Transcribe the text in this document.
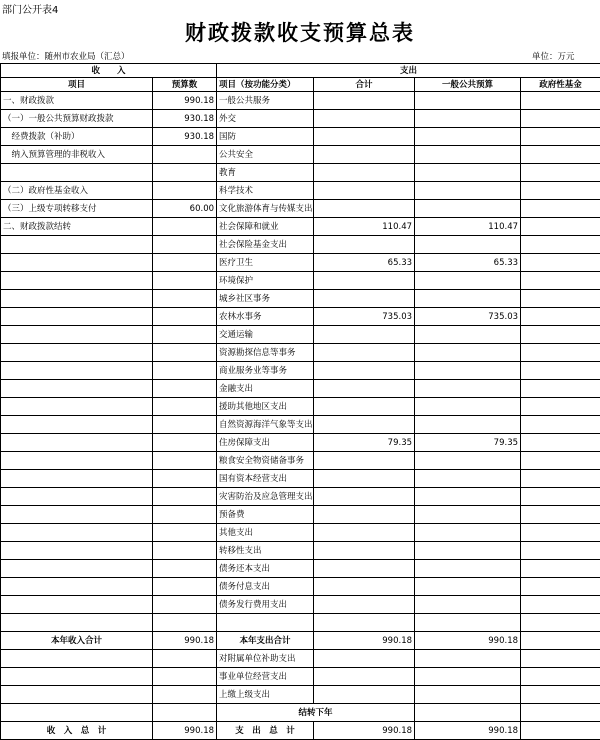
部门公开表4
财政拨款收支预算总表
填报单位：随州市农业局（汇总）	单位：万元
收　　入		支出			
项目	预算数	项目（按功能分类）	合计	一般公共预算	政府性基金
一、财政拨款	990.18	一般公共服务			
（一）一般公共预算财政拨款	930.18	外交			
　经费拨款（补助）	930.18	国防			
　纳入预算管理的非税收入		公共安全			
		教育			
（二）政府性基金收入		科学技术			
（三）上级专项转移支付	60.00	文化旅游体育与传媒支出			
二、财政拨款结转		社会保障和就业	110.47	110.47	
		社会保险基金支出			
		医疗卫生	65.33	65.33	
		环境保护			
		城乡社区事务			
		农林水事务	735.03	735.03	
		交通运输			
		资源勘探信息等事务			
		商业服务业等事务			
		金融支出			
		援助其他地区支出			
		自然资源海洋气象等支出			
		住房保障支出	79.35	79.35	
		粮食安全物资储备事务			
		国有资本经营支出			
		灾害防治及应急管理支出			
		预备费			
		其他支出			
		转移性支出			
		债务还本支出			
		债务付息支出			
		债务发行费用支出			

本年收入合计	990.18	本年支出合计	990.18	990.18	
		对附属单位补助支出			
		事业单位经营支出			
		上缴上级支出			
		结转下年			
收　入　总　计	990.18	支　出　总　计	990.18	990.18	
